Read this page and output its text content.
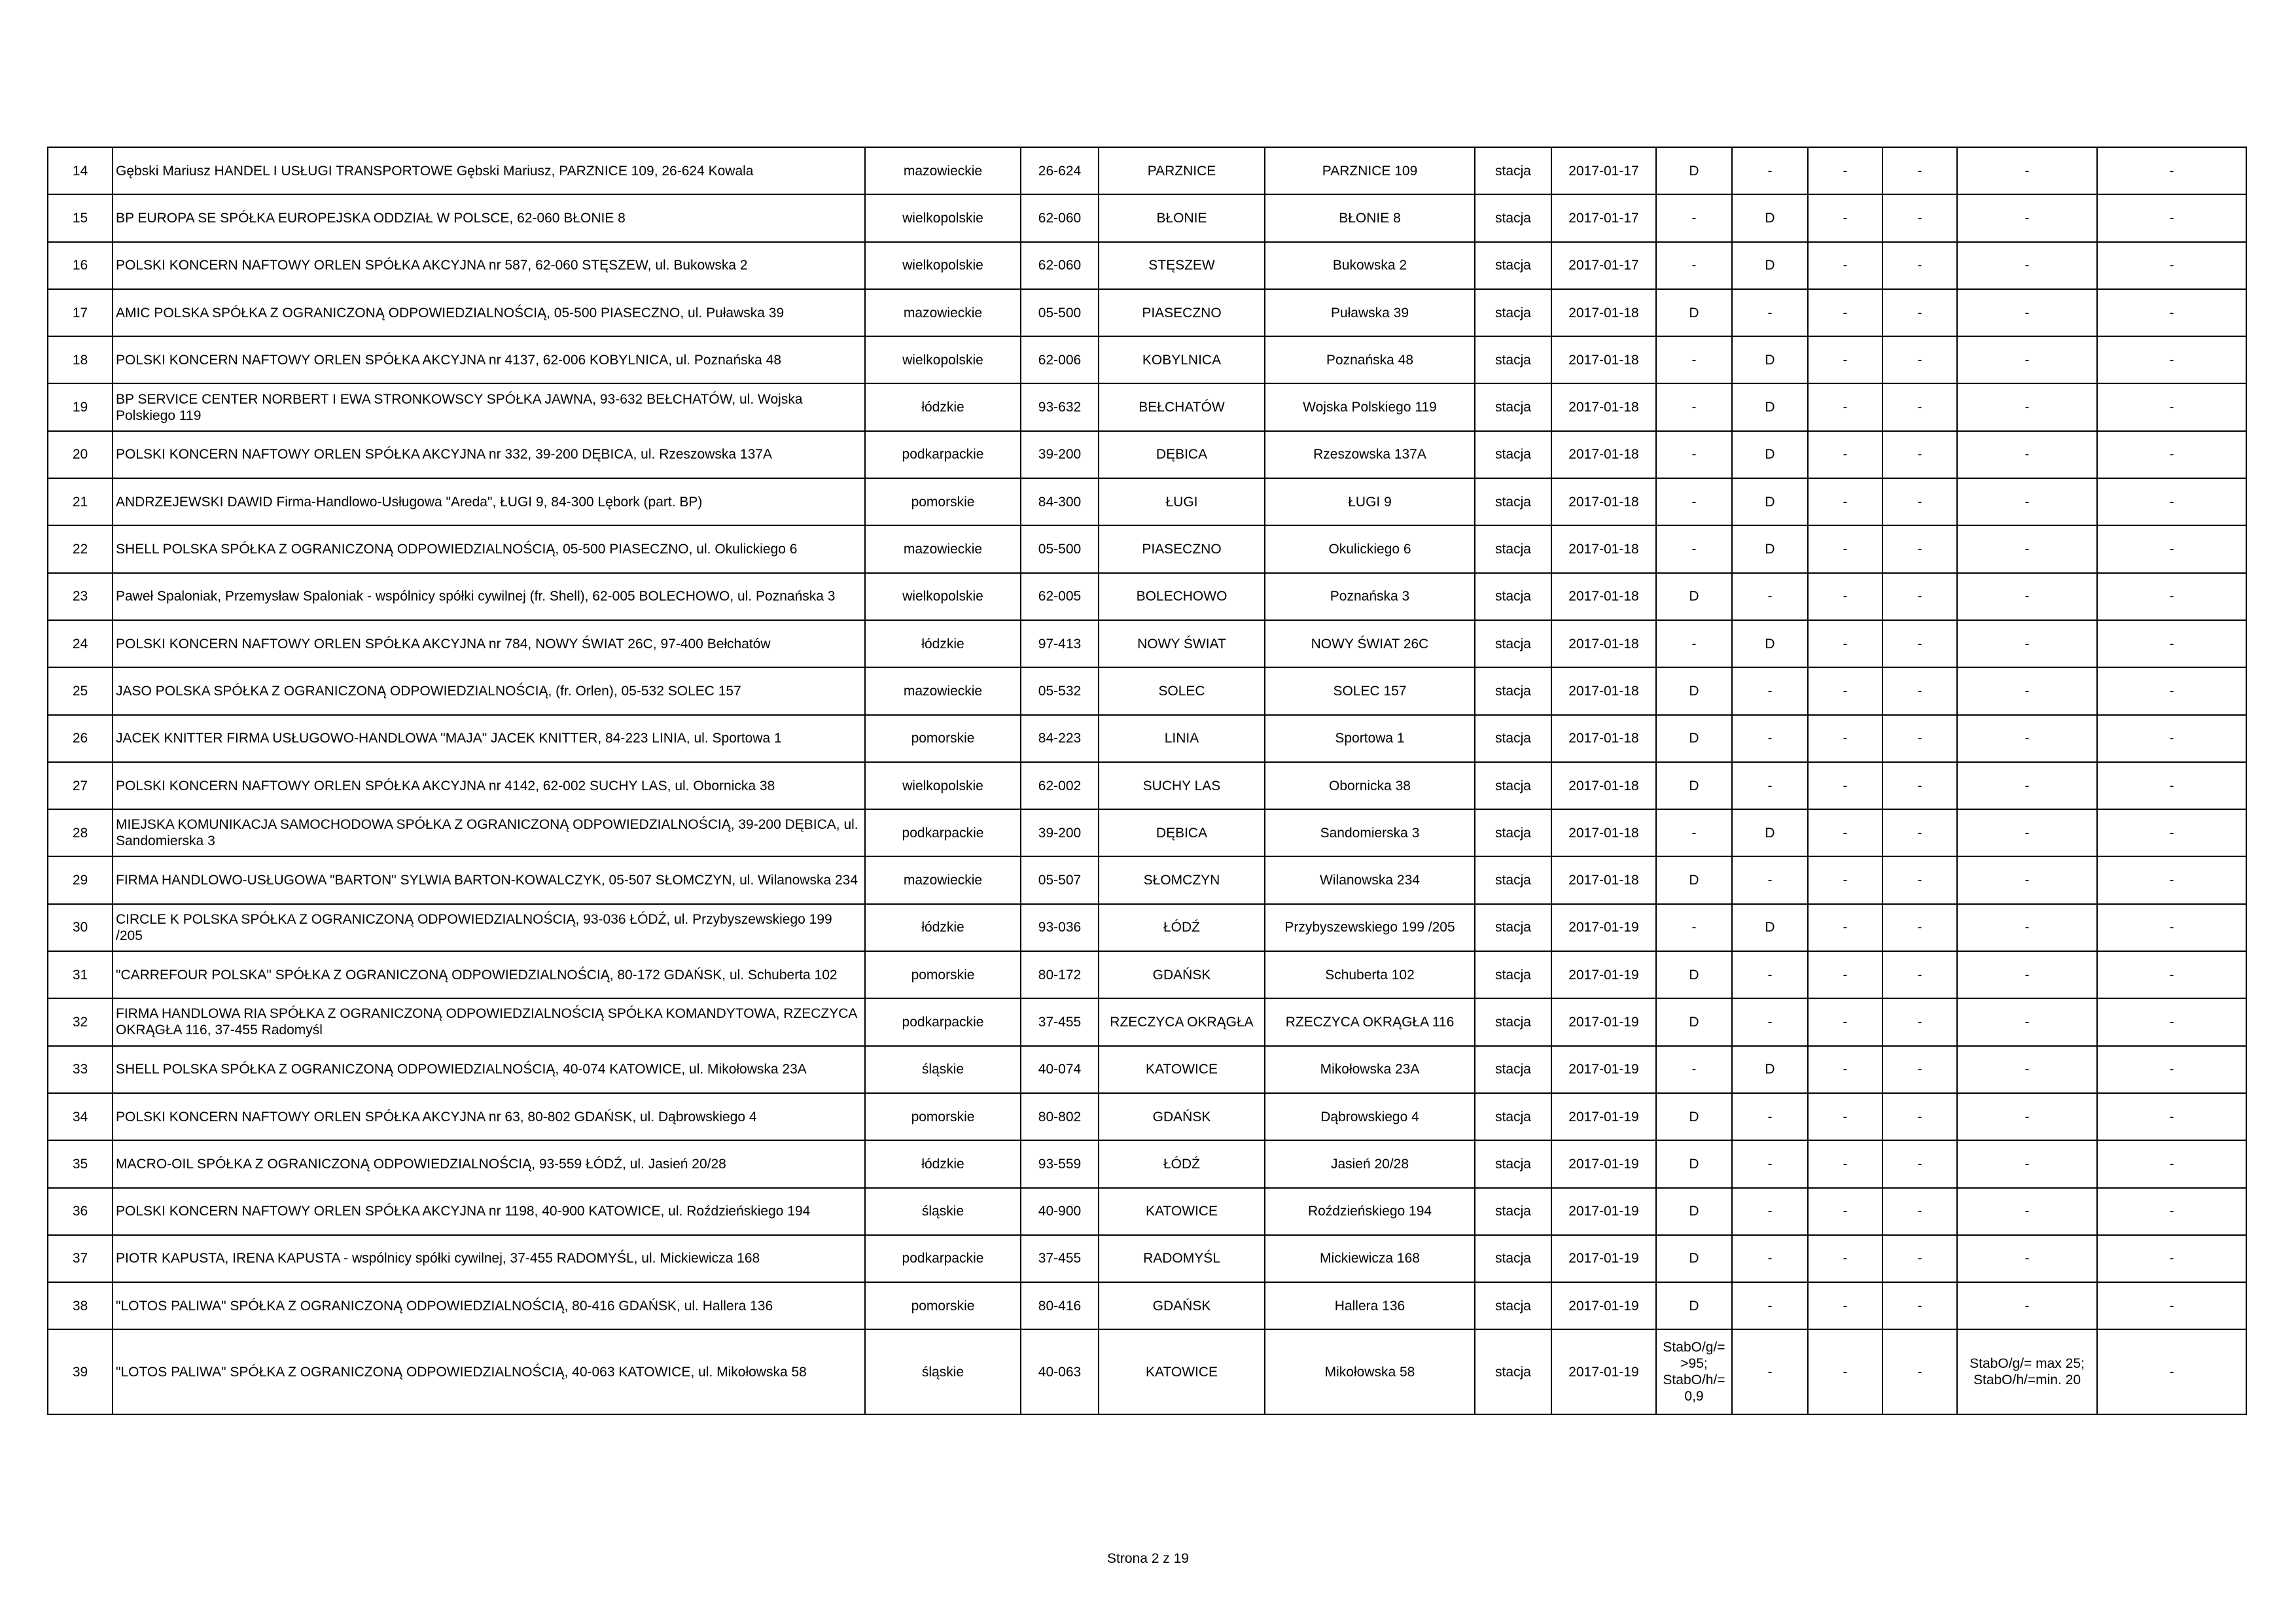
14	Gębski Mariusz HANDEL I USŁUGI TRANSPORTOWE Gębski Mariusz, PARZNICE 109, 26-624 Kowala	mazowieckie	26-624	PARZNICE	PARZNICE 109	stacja	2017-01-17	D	-	-	-	-	-
15	BP EUROPA SE SPÓŁKA EUROPEJSKA ODDZIAŁ W POLSCE, 62-060 BŁONIE 8	wielkopolskie	62-060	BŁONIE	BŁONIE 8	stacja	2017-01-17	-	D	-	-	-	-
16	POLSKI KONCERN NAFTOWY ORLEN SPÓŁKA AKCYJNA nr 587, 62-060 STĘSZEW, ul. Bukowska 2	wielkopolskie	62-060	STĘSZEW	Bukowska 2	stacja	2017-01-17	-	D	-	-	-	-
17	AMIC POLSKA SPÓŁKA Z OGRANICZONĄ ODPOWIEDZIALNOŚCIĄ, 05-500 PIASECZNO, ul. Puławska 39	mazowieckie	05-500	PIASECZNO	Puławska 39	stacja	2017-01-18	D	-	-	-	-	-
18	POLSKI KONCERN NAFTOWY ORLEN SPÓŁKA AKCYJNA nr 4137, 62-006 KOBYLNICA, ul. Poznańska 48	wielkopolskie	62-006	KOBYLNICA	Poznańska 48	stacja	2017-01-18	-	D	-	-	-	-
19	BP SERVICE CENTER NORBERT I EWA STRONKOWSCY SPÓŁKA JAWNA, 93-632 BEŁCHATÓW, ul. Wojska Polskiego 119	łódzkie	93-632	BEŁCHATÓW	Wojska Polskiego 119	stacja	2017-01-18	-	D	-	-	-	-
20	POLSKI KONCERN NAFTOWY ORLEN SPÓŁKA AKCYJNA nr 332, 39-200 DĘBICA, ul. Rzeszowska 137A	podkarpackie	39-200	DĘBICA	Rzeszowska 137A	stacja	2017-01-18	-	D	-	-	-	-
21	ANDRZEJEWSKI DAWID Firma-Handlowo-Usługowa "Areda", ŁUGI 9, 84-300 Lębork (part. BP)	pomorskie	84-300	ŁUGI	ŁUGI 9	stacja	2017-01-18	-	D	-	-	-	-
22	SHELL POLSKA SPÓŁKA Z OGRANICZONĄ ODPOWIEDZIALNOŚCIĄ, 05-500 PIASECZNO, ul. Okulickiego 6	mazowieckie	05-500	PIASECZNO	Okulickiego 6	stacja	2017-01-18	-	D	-	-	-	-
23	Paweł Spaloniak, Przemysław Spaloniak - wspólnicy spółki cywilnej (fr. Shell), 62-005 BOLECHOWO, ul. Poznańska 3	wielkopolskie	62-005	BOLECHOWO	Poznańska 3	stacja	2017-01-18	D	-	-	-	-	-
24	POLSKI KONCERN NAFTOWY ORLEN SPÓŁKA AKCYJNA nr 784, NOWY ŚWIAT 26C, 97-400 Bełchatów	łódzkie	97-413	NOWY ŚWIAT	NOWY ŚWIAT 26C	stacja	2017-01-18	-	D	-	-	-	-
25	JASO POLSKA SPÓŁKA Z OGRANICZONĄ ODPOWIEDZIALNOŚCIĄ, (fr. Orlen), 05-532 SOLEC 157	mazowieckie	05-532	SOLEC	SOLEC 157	stacja	2017-01-18	D	-	-	-	-	-
26	JACEK KNITTER FIRMA USŁUGOWO-HANDLOWA "MAJA" JACEK KNITTER, 84-223 LINIA, ul. Sportowa 1	pomorskie	84-223	LINIA	Sportowa 1	stacja	2017-01-18	D	-	-	-	-	-
27	POLSKI KONCERN NAFTOWY ORLEN SPÓŁKA AKCYJNA nr 4142, 62-002 SUCHY LAS, ul. Obornicka 38	wielkopolskie	62-002	SUCHY LAS	Obornicka 38	stacja	2017-01-18	D	-	-	-	-	-
28	MIEJSKA KOMUNIKACJA SAMOCHODOWA SPÓŁKA Z OGRANICZONĄ ODPOWIEDZIALNOŚCIĄ, 39-200 DĘBICA, ul. Sandomierska 3	podkarpackie	39-200	DĘBICA	Sandomierska 3	stacja	2017-01-18	-	D	-	-	-	-
29	FIRMA HANDLOWO-USŁUGOWA "BARTON" SYLWIA BARTON-KOWALCZYK, 05-507 SŁOMCZYN, ul. Wilanowska 234	mazowieckie	05-507	SŁOMCZYN	Wilanowska 234	stacja	2017-01-18	D	-	-	-	-	-
30	CIRCLE K POLSKA SPÓŁKA Z OGRANICZONĄ ODPOWIEDZIALNOŚCIĄ, 93-036 ŁÓDŹ, ul. Przybyszewskiego 199 /205	łódzkie	93-036	ŁÓDŹ	Przybyszewskiego 199 /205	stacja	2017-01-19	-	D	-	-	-	-
31	"CARREFOUR POLSKA" SPÓŁKA Z OGRANICZONĄ ODPOWIEDZIALNOŚCIĄ, 80-172 GDAŃSK, ul. Schuberta 102	pomorskie	80-172	GDAŃSK	Schuberta 102	stacja	2017-01-19	D	-	-	-	-	-
32	FIRMA HANDLOWA RIA SPÓŁKA Z OGRANICZONĄ ODPOWIEDZIALNOŚCIĄ SPÓŁKA KOMANDYTOWA, RZECZYCA OKRĄGŁA 116, 37-455 Radomyśl	podkarpackie	37-455	RZECZYCA OKRĄGŁA	RZECZYCA OKRĄGŁA 116	stacja	2017-01-19	D	-	-	-	-	-
33	SHELL POLSKA SPÓŁKA Z OGRANICZONĄ ODPOWIEDZIALNOŚCIĄ, 40-074 KATOWICE, ul. Mikołowska 23A	śląskie	40-074	KATOWICE	Mikołowska 23A	stacja	2017-01-19	-	D	-	-	-	-
34	POLSKI KONCERN NAFTOWY ORLEN SPÓŁKA AKCYJNA nr 63, 80-802 GDAŃSK, ul. Dąbrowskiego 4	pomorskie	80-802	GDAŃSK	Dąbrowskiego 4	stacja	2017-01-19	D	-	-	-	-	-
35	MACRO-OIL SPÓŁKA Z OGRANICZONĄ ODPOWIEDZIALNOŚCIĄ, 93-559 ŁÓDŹ, ul. Jasień 20/28	łódzkie	93-559	ŁÓDŹ	Jasień 20/28	stacja	2017-01-19	D	-	-	-	-	-
36	POLSKI KONCERN NAFTOWY ORLEN SPÓŁKA AKCYJNA nr 1198, 40-900 KATOWICE, ul. Roździeńskiego 194	śląskie	40-900	KATOWICE	Roździeńskiego 194	stacja	2017-01-19	D	-	-	-	-	-
37	PIOTR KAPUSTA, IRENA KAPUSTA - wspólnicy spółki cywilnej, 37-455 RADOMYŚL, ul. Mickiewicza 168	podkarpackie	37-455	RADOMYŚL	Mickiewicza 168	stacja	2017-01-19	D	-	-	-	-	-
38	"LOTOS PALIWA" SPÓŁKA Z OGRANICZONĄ ODPOWIEDZIALNOŚCIĄ, 80-416 GDAŃSK, ul. Hallera 136	pomorskie	80-416	GDAŃSK	Hallera 136	stacja	2017-01-19	D	-	-	-	-	-
39	"LOTOS PALIWA" SPÓŁKA Z OGRANICZONĄ ODPOWIEDZIALNOŚCIĄ, 40-063 KATOWICE, ul. Mikołowska 58	śląskie	40-063	KATOWICE	Mikołowska 58	stacja	2017-01-19	StabO/g/= >95; StabO/h/= 0,9	-	-	-	StabO/g/= max 25; StabO/h/=min. 20	-
Strona 2 z 19
